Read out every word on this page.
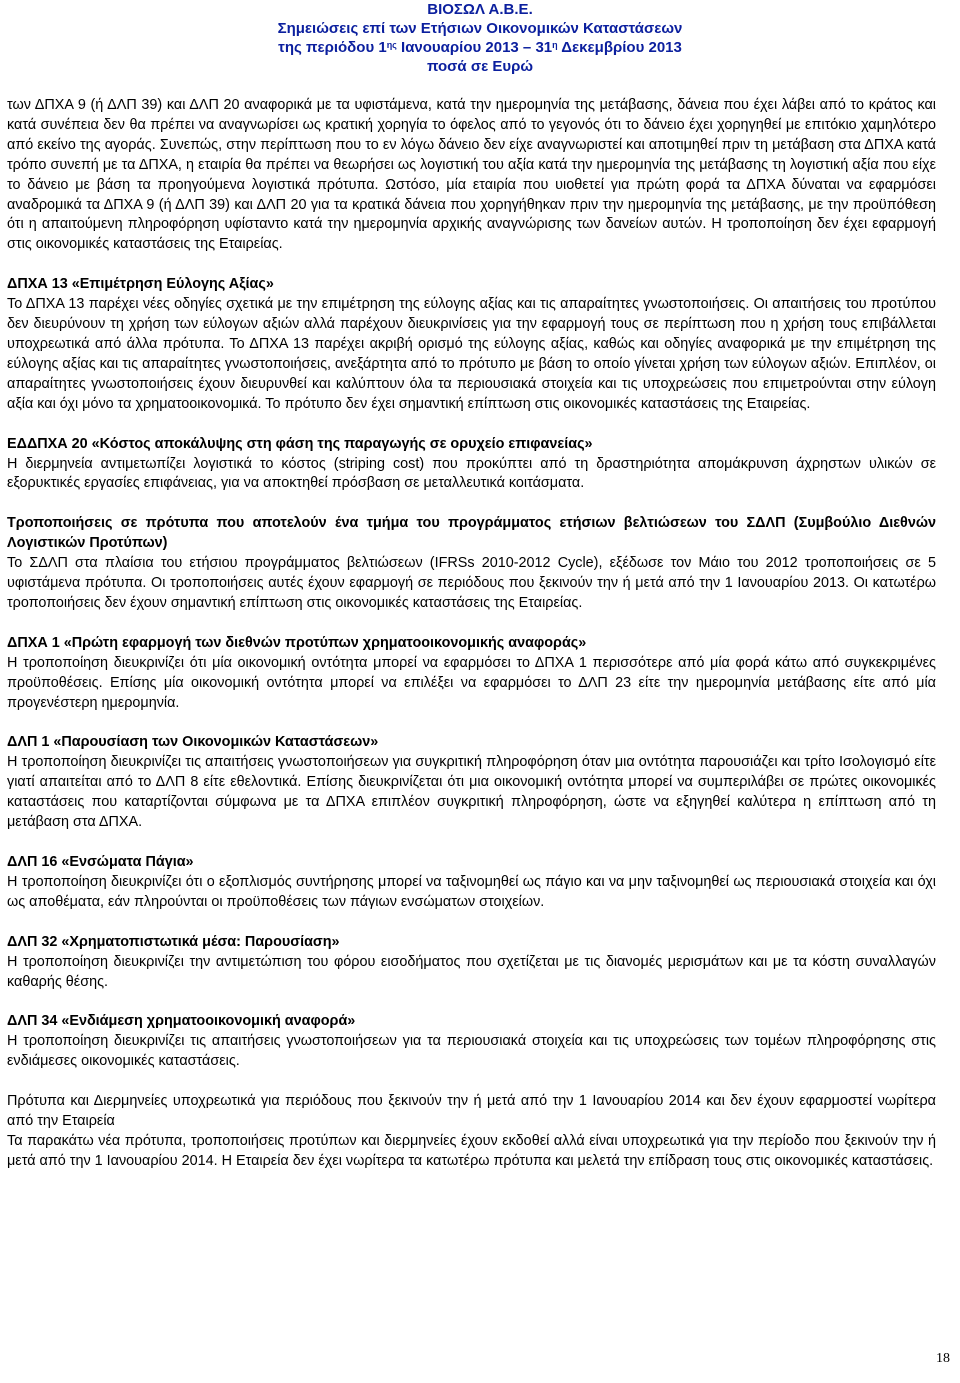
ΒΙΟΣΩΛ Α.Β.Ε.
Σημειώσεις επί των Ετήσιων Οικονομικών Καταστάσεων
της περιόδου $1^{\eta\varsigma}$ Ιανουαρίου $2013 - 31^\eta$ Δεκεμβρίου 2013
ποσά σε Ευρώ

των ΔΠΧΑ 9 (ή ΔΛΠ 39) και ΔΛΠ 20 αναφορικά με τα υφιστάμενα, κατά την ημερομηνία της μετάβασης, δάνεια που έχει λάβει από το κράτος και κατά συνέπεια δεν θα πρέπει να αναγνωρίσει ως κρατική χορηγία το όφελος από το γεγονός ότι το δάνειο έχει χορηγηθεί με επιτόκιο χαμηλότερο από εκείνο της αγοράς. Συνεπώς, στην περίπτωση που το εν λόγω δάνειο δεν είχε αναγνωριστεί και αποτιμηθεί πριν τη μετάβαση στα ΔΠΧΑ κατά τρόπο συνεπή με τα ΔΠΧΑ, η εταιρία θα πρέπει να θεωρήσει ως λογιστική του αξία κατά την ημερομηνία της μετάβασης τη λογιστική αξία που είχε το δάνειο με βάση τα προηγούμενα λογιστικά πρότυπα. Ωστόσο, μία εταιρία που υιοθετεί για πρώτη φορά τα ΔΠΧΑ δύναται να εφαρμόσει αναδρομικά τα ΔΠΧΑ 9 (ή ΔΛΠ 39) και ΔΛΠ 20 για τα κρατικά δάνεια που χορηγήθηκαν πριν την ημερομηνία της μετάβασης, με την προϋπόθεση ότι η απαιτούμενη πληροφόρηση υφίσταντο κατά την ημερομηνία αρχικής αναγνώρισης των δανείων αυτών. Η τροποποίηση δεν έχει εφαρμογή στις οικονομικές καταστάσεις της Εταιρείας.

ΔΠΧΑ 13 «Επιμέτρηση Εύλογης Αξίας»

Το ΔΠΧΑ 13 παρέχει νέες οδηγίες σχετικά με την επιμέτρηση της εύλογης αξίας και τις απαραίτητες γνωστοποιήσεις. Οι απαιτήσεις του προτύπου δεν διευρύνουν τη χρήση των εύλογων αξιών αλλά παρέχουν διευκρινίσεις για την εφαρμογή τους σε περίπτωση που η χρήση τους επιβάλλεται υποχρεωτικά από άλλα πρότυπα. Το ΔΠΧΑ 13 παρέχει ακριβή ορισμό της εύλογης αξίας, καθώς και οδηγίες αναφορικά με την επιμέτρηση της εύλογης αξίας και τις απαραίτητες γνωστοποιήσεις, ανεξάρτητα από το πρότυπο με βάση το οποίο γίνεται χρήση των εύλογων αξιών. Επιπλέον, οι απαραίτητες γνωστοποιήσεις έχουν διευρυνθεί και καλύπτουν όλα τα περιουσιακά στοιχεία και τις υποχρεώσεις που επιμετρούνται στην εύλογη αξία και όχι μόνο τα χρηματοοικονομικά. Το πρότυπο δεν έχει σημαντική επίπτωση στις οικονομικές καταστάσεις της Εταιρείας.

ΕΔΔΠΧΑ 20 «Κόστος αποκάλυψης στη φάση της παραγωγής σε ορυχείο επιφανείας»

Η διερμηνεία αντιμετωπίζει λογιστικά το κόστος (striping cost) που προκύπτει από τη δραστηριότητα απομάκρυνση άχρηστων υλικών σε εξορυκτικές εργασίες επιφάνειας, για να αποκτηθεί πρόσβαση σε μεταλλευτικά κοιτάσματα.

Τροποποιήσεις σε πρότυπα που αποτελούν ένα τμήμα του προγράμματος ετήσιων βελτιώσεων του ΣΔΛΠ (Συμβούλιο Διεθνών Λογιστικών Προτύπων)

Το ΣΔΛΠ στα πλαίσια του ετήσιου προγράμματος βελτιώσεων (IFRSs 2010-2012 Cycle), εξέδωσε τον Μάιο του 2012 τροποποιήσεις σε 5 υφιστάμενα πρότυπα. Οι τροποποιήσεις αυτές έχουν εφαρμογή σε περιόδους που ξεκινούν την ή μετά από την 1 Ιανουαρίου 2013. Οι κατωτέρω τροποποιήσεις δεν έχουν σημαντική επίπτωση στις οικονομικές καταστάσεις της Εταιρείας.

ΔΠΧΑ 1 «Πρώτη εφαρμογή των διεθνών προτύπων χρηματοοικονομικής αναφοράς»

Η τροποποίηση διευκρινίζει ότι μία οικονομική οντότητα μπορεί να εφαρμόσει το ΔΠΧΑ 1 περισσότερε από μία φορά κάτω από συγκεκριμένες προϋποθέσεις. Επίσης μία οικονομική οντότητα μπορεί να επιλέξει να εφαρμόσει το ΔΛΠ 23 είτε την ημερομηνία μετάβασης είτε από μία προγενέστερη ημερομηνία.

ΔΛΠ 1 «Παρουσίαση των Οικονομικών Καταστάσεων»

Η τροποποίηση διευκρινίζει τις απαιτήσεις γνωστοποιήσεων για συγκριτική πληροφόρηση όταν μια οντότητα παρουσιάζει και τρίτο Ισολογισμό είτε γιατί απαιτείται από το ΔΛΠ 8 είτε εθελοντικά. Επίσης διευκρινίζεται ότι μια οικονομική οντότητα μπορεί να συμπεριλάβει σε πρώτες οικονομικές καταστάσεις που καταρτίζονται σύμφωνα με τα ΔΠΧΑ επιπλέον συγκριτική πληροφόρηση, ώστε να εξηγηθεί καλύτερα η επίπτωση από τη μετάβαση στα ΔΠΧΑ.

ΔΛΠ 16 «Ενσώματα Πάγια»

Η τροποποίηση διευκρινίζει ότι ο εξοπλισμός συντήρησης μπορεί να ταξινομηθεί ως πάγιο και να μην ταξινομηθεί ως περιουσιακά στοιχεία και όχι ως αποθέματα, εάν πληρούνται οι προϋποθέσεις των πάγιων ενσώματων στοιχείων.

ΔΛΠ 32 «Χρηματοπιστωτικά μέσα: Παρουσίαση»

Η τροποποίηση διευκρινίζει την αντιμετώπιση του φόρου εισοδήματος που σχετίζεται με τις διανομές μερισμάτων και με τα κόστη συναλλαγών καθαρής θέσης.

ΔΛΠ 34 «Ενδιάμεση χρηματοοικονομική αναφορά»

Η τροποποίηση διευκρινίζει τις απαιτήσεις γνωστοποιήσεων για τα περιουσιακά στοιχεία και τις υποχρεώσεις των τομέων πληροφόρησης στις ενδιάμεσες οικονομικές καταστάσεις.

Πρότυπα και Διερμηνείες υποχρεωτικά για περιόδους που ξεκινούν την ή μετά από την 1 Ιανουαρίου 2014 και δεν έχουν εφαρμοστεί νωρίτερα από την Εταιρεία

Τα παρακάτω νέα πρότυπα, τροποποιήσεις προτύπων και διερμηνείες έχουν εκδοθεί αλλά είναι υποχρεωτικά για την περίοδο που ξεκινούν την ή μετά από την 1 Ιανουαρίου 2014. Η Εταιρεία δεν έχει νωρίτερα τα κατωτέρω πρότυπα και μελετά την επίδραση τους στις οικονομικές καταστάσεις.

18
